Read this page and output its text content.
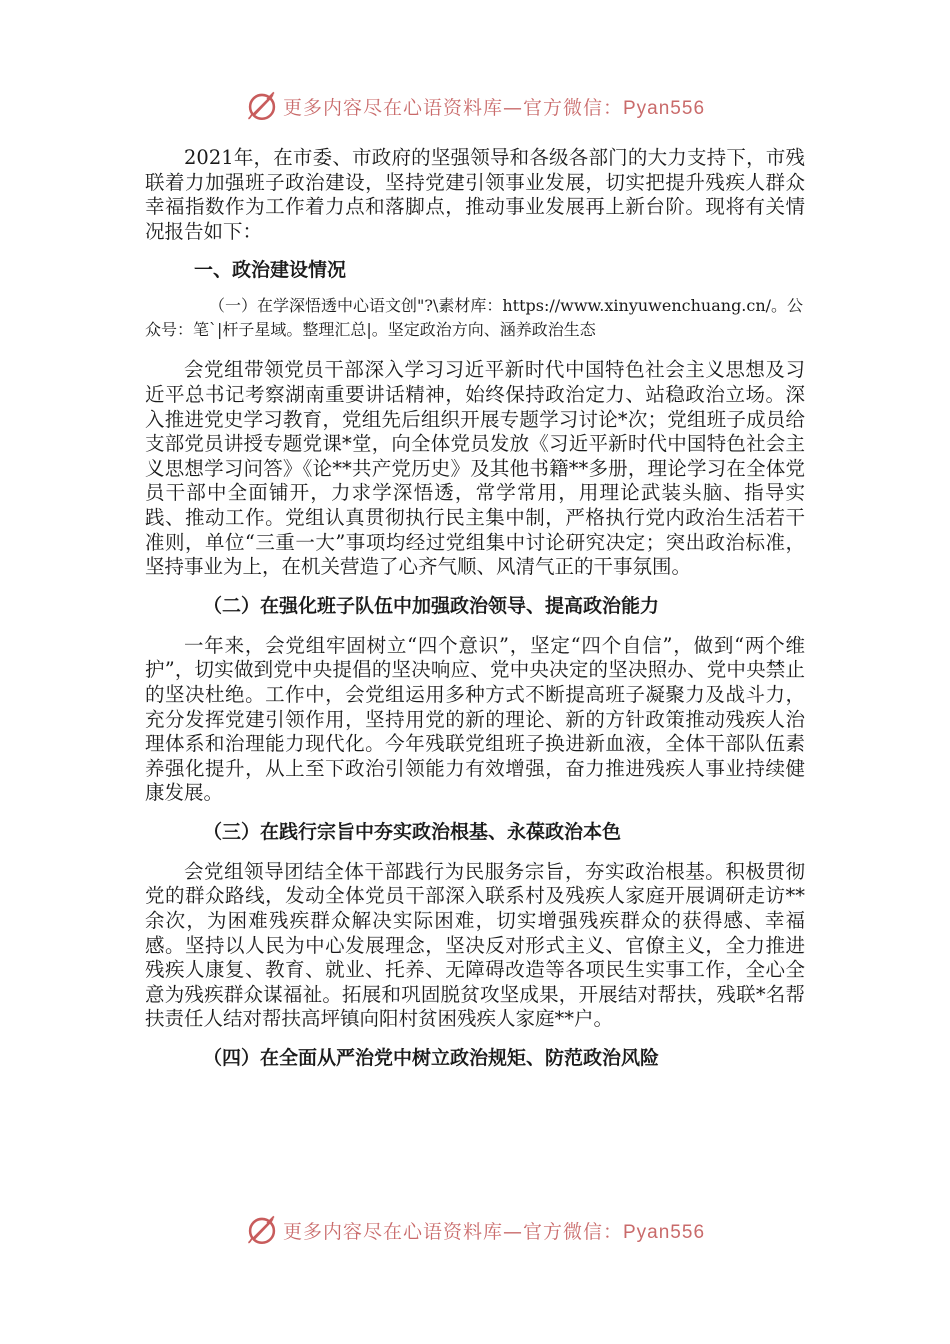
更多内容尽在心语资料库—官方微信：Pyan556

2021年，在市委、市政府的坚强领导和各级各部门的大力支持下，市残联着力加强班子政治建设，坚持党建引领事业发展，切实把提升残疾人群众幸福指数作为工作着力点和落脚点，推动事业发展再上新台阶。现将有关情况报告如下：

一、政治建设情况

（一）在学深悟透中心语文创"?\素材库：https://www.xinyuwenchuang.cn/。公众号：笔`|杆子星域。整理汇总|。坚定政治方向、涵养政治生态

会党组带领党员干部深入学习习近平新时代中国特色社会主义思想及习近平总书记考察湖南重要讲话精神，始终保持政治定力、站稳政治立场。深入推进党史学习教育，党组先后组织开展专题学习讨论*次；党组班子成员给支部党员讲授专题党课*堂，向全体党员发放《习近平新时代中国特色社会主义思想学习问答》《论**共产党历史》及其他书籍**多册，理论学习在全体党员干部中全面铺开，力求学深悟透，常学常用，用理论武装头脑、指导实践、推动工作。党组认真贯彻执行民主集中制，严格执行党内政治生活若干准则，单位“三重一大”事项均经过党组集中讨论研究决定；突出政治标准，坚持事业为上，在机关营造了心齐气顺、风清气正的干事氛围。

（二）在强化班子队伍中加强政治领导、提高政治能力

一年来，会党组牢固树立“四个意识”，坚定“四个自信”，做到“两个维护”，切实做到党中央提倡的坚决响应、党中央决定的坚决照办、党中央禁止的坚决杜绝。工作中，会党组运用多种方式不断提高班子凝聚力及战斗力，充分发挥党建引领作用，坚持用党的新的理论、新的方针政策推动残疾人治理体系和治理能力现代化。今年残联党组班子换进新血液，全体干部队伍素养强化提升，从上至下政治引领能力有效增强，奋力推进残疾人事业持续健康发展。

（三）在践行宗旨中夯实政治根基、永葆政治本色

会党组领导团结全体干部践行为民服务宗旨，夯实政治根基。积极贯彻党的群众路线，发动全体党员干部深入联系村及残疾人家庭开展调研走访**余次，为困难残疾群众解决实际困难，切实增强残疾群众的获得感、幸福感。坚持以人民为中心发展理念，坚决反对形式主义、官僚主义，全力推进残疾人康复、教育、就业、托养、无障碍改造等各项民生实事工作，全心全意为残疾群众谋福祉。拓展和巩固脱贫攻坚成果，开展结对帮扶，残联*名帮扶责任人结对帮扶高坪镇向阳村贫困残疾人家庭**户。

（四）在全面从严治党中树立政治规矩、防范政治风险

更多内容尽在心语资料库—官方微信：Pyan556
